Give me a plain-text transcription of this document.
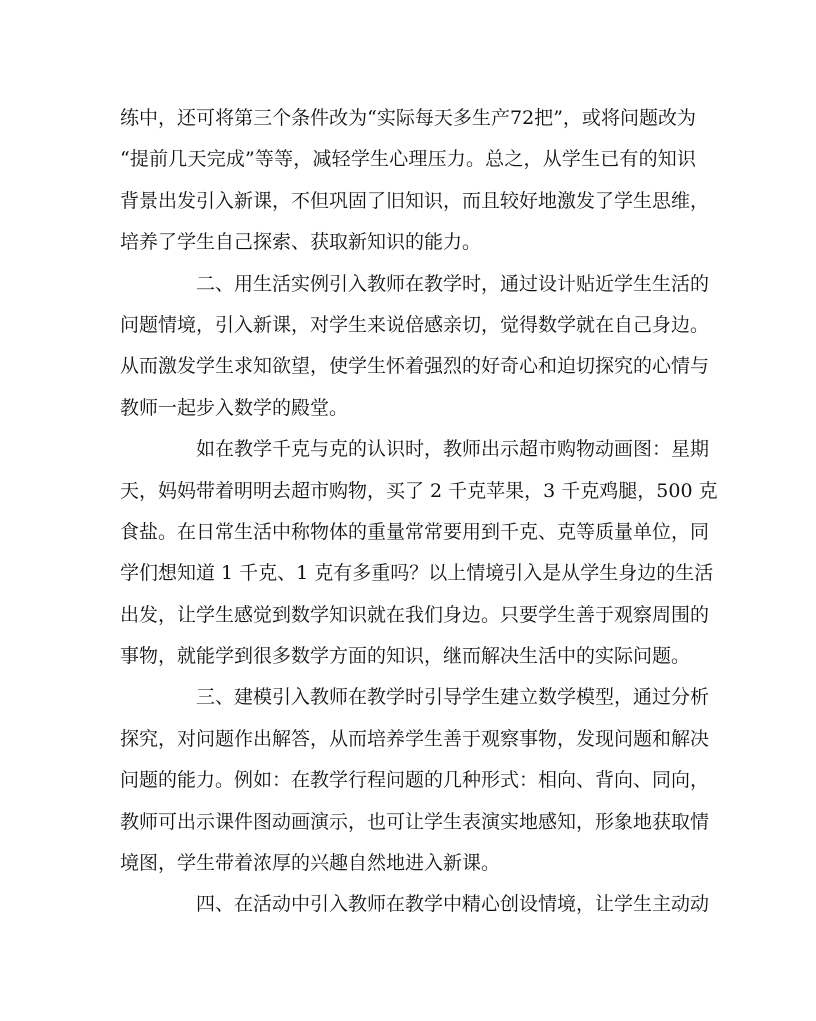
练中，还可将第三个条件改为“实际每天多生产72把”，或将问题改为
“提前几天完成”等等，减轻学生心理压力。总之，从学生已有的知识
背景出发引入新课，不但巩固了旧知识，而且较好地激发了学生思维，
培养了学生自己探索、获取新知识的能力。
二、用生活实例引入教师在教学时，通过设计贴近学生生活的
问题情境，引入新课，对学生来说倍感亲切，觉得数学就在自己身边。
从而激发学生求知欲望，使学生怀着强烈的好奇心和迫切探究的心情与
教师一起步入数学的殿堂。
如在教学千克与克的认识时，教师出示超市购物动画图：星期
天，妈妈带着明明去超市购物，买了 2 千克苹果，3 千克鸡腿，500 克
食盐。在日常生活中称物体的重量常常要用到千克、克等质量单位，同
学们想知道 1 千克、1 克有多重吗？以上情境引入是从学生身边的生活
出发，让学生感觉到数学知识就在我们身边。只要学生善于观察周围的
事物，就能学到很多数学方面的知识，继而解决生活中的实际问题。
三、建模引入教师在教学时引导学生建立数学模型，通过分析
探究，对问题作出解答，从而培养学生善于观察事物，发现问题和解决
问题的能力。例如：在教学行程问题的几种形式：相向、背向、同向，
教师可出示课件图动画演示，也可让学生表演实地感知，形象地获取情
境图，学生带着浓厚的兴趣自然地进入新课。
四、在活动中引入教师在教学中精心创设情境，让学生主动动
